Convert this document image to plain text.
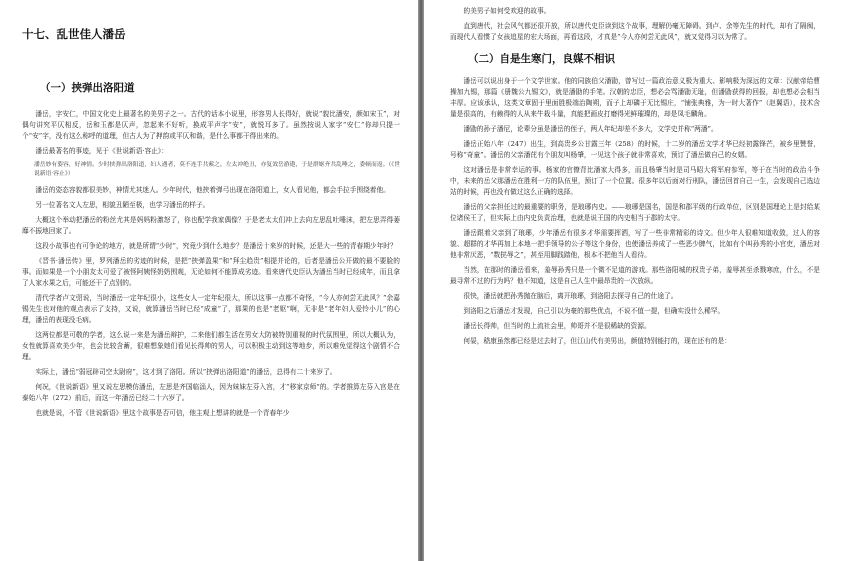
十七、乱世佳人潘岳
（一）挟弹出洛阳道

潘岳，字安仁，中国文化史上最著名的美男子之一。古代的话本小说里，形容男人长得好，就说“貌比潘安，颜如宋玉”，对偶句讲究平仄相反，岳和玉都是仄声，忽起来不好听，换成平声字“安”，就悦耳多了。虽然按说人家字“安仁”你却只提一个“安”字，没有这么称呼的道理，但古人为了押韵或平仄和谐，是什么事都干得出来的。

潘岳最著名的事迹，见于《世说新语·容止》：

潘岳妙有姿容，好神情。少时挟弹出洛阳道，妇人遇者，莫不连手共萦之。左太冲绝丑，亦复效岳游遨，于是群妪齐共乱唾之，委顿而返。（《世说新语·容止》）

潘岳的姿态容貌都很美妙，神情尤其迷人。少年时代，他挟着弹弓出现在洛阳道上，女人看见他，都会手拉手围绕着他。

另一位著名文人左思，相貌丑陋至极，也学习潘岳的样子。

大概这个举动把潘岳的粉丝尤其是妈妈粉激怒了，你也配学我家偶像？于是老太太们冲上去向左思乱吐唾沫，把左思弄得萎靡不振地回家了。

这段小故事也有可争论的地方，就是所谓“少时”，究竟少到什么地步？是潘岳十来岁的时候，还是大一些的青春期少年时？

《晋书·潘岳传》里，罗列潘岳的劣迹的时候，是把“挟弹盈果”和“拜尘趋贵”相提并论的，后者是潘岳公开做的最不要脸的事。而如果是一个小朋友太可爱了被怪阿姨怪奶奶围观，无论如何不能算成劣迹。看来唐代史臣认为潘岳当时已经成年，而且拿了人家水果之后，可能还干了点别的。

清代学者卢文弨说，当时潘岳一定年纪很小，这些女人一定年纪很大，所以这事一点都不奇怪，“今人亦何尝无此风？”余嘉锡先生也对他的观点表示了支持，又说，就算潘岳当时已经“成童”了，那果的也是“老妪”啊，无非是“老年妇人爱怜小儿”的心理，潘岳的表现没毛病。

这两位都是可敬的学者，这么说一来是为潘岳辩护，二来他们都生活在男女大防被特别重视的时代氛围里，所以大概认为，女性就算喜欢美少年，也会比较含蓄，很难想象她们看见长得帅的男人，可以积极主动到这等地步，所以难免觉得这个剧情不合理。

实际上，潘岳“弱冠辟司空太尉府”，这才到了洛阳。所以“挟弹出洛阳道”的潘岳，总得有二十来岁了。

何况，《世说新语》里又说左思模仿潘岳，左思是齐国临淄人，因为妹妹左芬入宫，才“移家京师”的。学者推算左芬入宫是在泰始八年（272）前后，而这一年潘岳已经二十六岁了。

也就是说，不管《世说新语》里这个故事是否可信，他主观上想讲的就是一个青春年少

的美男子如何受欢迎的故事。

直到唐代，社会风气都还很开放，所以唐代史臣读到这个故事，理解仍毫无障碍。到卢、余等先生的时代，却有了隔阂，而现代人看惯了女孩追星的宏大场面，再看这段，才真是“今人亦何尝无此风”，就又觉得习以为常了。

（二）自是生寒门，良媒不相识

潘岳可以说出身于一个文学世家。他的同族伯父潘勖，曾写过一篇政治意义极为重大、影响极为深远的文章：汉献帝给曹操加九锡，那篇《册魏公九锡文》，就是潘勖的手笔。汉朝的忠臣，想必会骂潘勖无耻，但潘勖获得的回报，却也想必会相当丰厚。应该承认，这类文章固于里面胜极端治陶朔，而子上却磷于无比锡庄，“铺张典雅，为一时大著作”（赵翼语），技术含量是很高的，有赖得的人从来牛栽斗量，真能把画皮打磨得光鲜璀璨的，却是凤毛麟角。

潘勖的孙子潘尼，论辈分虽是潘岳的侄子，两人年纪却差不多大，文学史并称“两潘”。

潘岳正始八年（247）出生，到高贵乡公甘露三年（258）的时候，十二岁的潘岳文学才华已经初露锋芒，被乡里赞誉，号称“奇童”。潘岳的父亲潘芘有个朋友叫杨肇，一见这个孩子就非常喜欢，预订了潘岳做自己的女婿。

这对潘岳是非常幸运的事。杨家的官僚背比潘家大得多，而且杨肇当时是司马昭大将军府参军，等于在当时的政治斗争中，未来的岳父那潘岳在胜利一方的队伍里，预订了一个位置。很多年以后面对行刑队，潘岳回首自己一生，会发现自己选边站的时候，再也没有做过这么正确的选择。

潘岳的父亲担任过的最重要的职务，是琅琊内史。——琅琊是国名，国是和郡平级的行政单位，区别是国理论上是封给某位诸侯王了，但实际上由内史负责治理，也就是说王国的内史相当于郡的太守。

潘岳跟着父亲到了琅琊，少年潘岳有很多才华需要挥洒，写了一些非常精彩的诗文。但少年人很难知道收敛，过人的容貌、超群的才华再加上本地一把手领导的公子等这个身份，也使潘岳养成了一些恶少脾气，比如有个叫孙秀的小官吏，潘岳对他非常厌恶，“数挞辱之”，甚至用脚践踏他，根本不把他当人看待。

当然，在那时的潘岳看来，羞辱孙秀只是一个微不足道的游戏。那些洛阳城的权贵子弟，羞辱甚至杀戮寒庶，什么，不是最寻常不过的行为吗？他不知道，这是自己人生中最昂贵的一次放纵。

很快，潘岳就把孙秀抛在脑后，离开琅琊，到洛阳去探寻自己的仕途了。

到洛阳之后潘岳才发现，自己引以为豪的那些优点，不说不值一提，但确实没什么稀罕。

潘岳长得帅，但当时的上流社会里，帅哥并不是很稀缺的资源。

何晏，嵇康虽然都已经是过去时了，但江山代有美男出，颜值特别能打的，现在还有的是：
